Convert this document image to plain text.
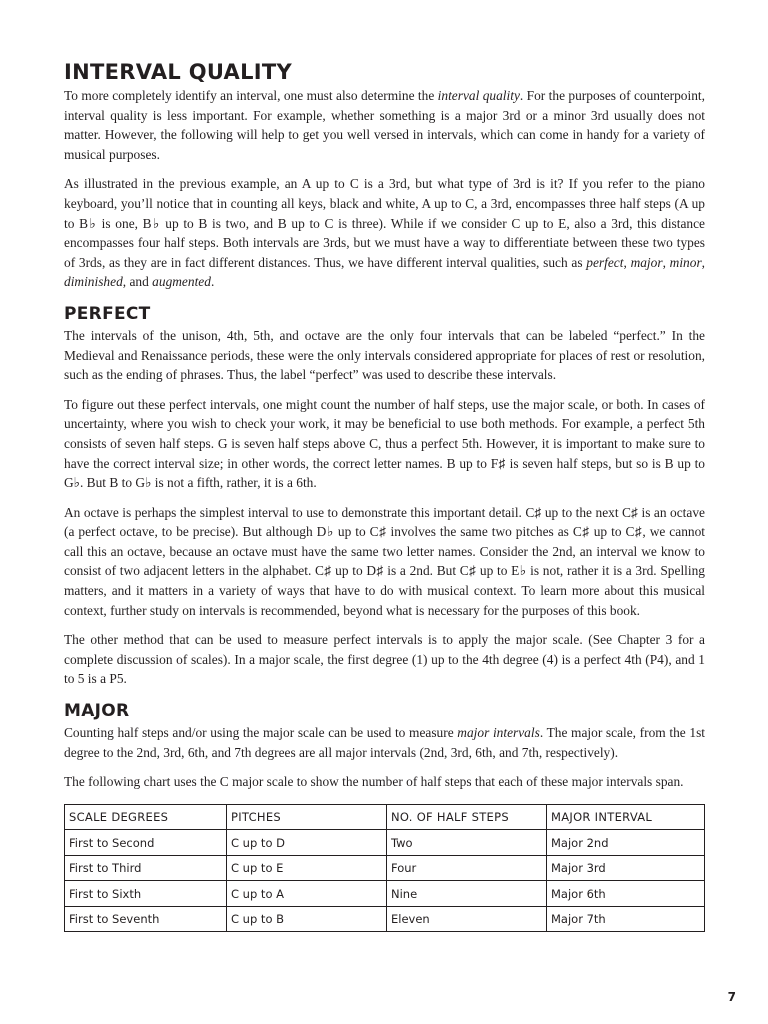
INTERVAL QUALITY

To more completely identify an interval, one must also determine the interval quality. For the purposes of counterpoint, interval quality is less important. For example, whether something is a major 3rd or a minor 3rd usually does not matter. However, the following will help to get you well versed in intervals, which can come in handy for a variety of musical purposes.

As illustrated in the previous example, an A up to C is a 3rd, but what type of 3rd is it? If you refer to the piano keyboard, you’ll notice that in counting all keys, black and white, A up to C, a 3rd, encompasses three half steps (A up to B♭ is one, B♭ up to B is two, and B up to C is three). While if we consider C up to E, also a 3rd, this distance encompasses four half steps. Both intervals are 3rds, but we must have a way to differentiate between these two types of 3rds, as they are in fact different distances. Thus, we have different interval qualities, such as perfect, major, minor, diminished, and augmented.

PERFECT

The intervals of the unison, 4th, 5th, and octave are the only four intervals that can be labeled “perfect.” In the Medieval and Renaissance periods, these were the only intervals considered appropriate for places of rest or resolution, such as the ending of phrases. Thus, the label “perfect” was used to describe these intervals.

To figure out these perfect intervals, one might count the number of half steps, use the major scale, or both. In cases of uncertainty, where you wish to check your work, it may be beneficial to use both methods. For example, a perfect 5th consists of seven half steps. G is seven half steps above C, thus a perfect 5th. However, it is important to make sure to have the correct interval size; in other words, the correct letter names. B up to F♯ is seven half steps, but so is B up to G♭. But B to G♭ is not a fifth, rather, it is a 6th.

An octave is perhaps the simplest interval to use to demonstrate this important detail. C♯ up to the next C♯ is an octave (a perfect octave, to be precise). But although D♭ up to C♯ involves the same two pitches as C♯ up to C♯, we cannot call this an octave, because an octave must have the same two letter names. Consider the 2nd, an interval we know to consist of two adjacent letters in the alphabet. C♯ up to D♯ is a 2nd. But C♯ up to E♭ is not, rather it is a 3rd. Spelling matters, and it matters in a variety of ways that have to do with musical context. To learn more about this musical context, further study on intervals is recommended, beyond what is necessary for the purposes of this book.

The other method that can be used to measure perfect intervals is to apply the major scale. (See Chapter 3 for a complete discussion of scales). In a major scale, the first degree (1) up to the 4th degree (4) is a perfect 4th (P4), and 1 to 5 is a P5.

MAJOR

Counting half steps and/or using the major scale can be used to measure major intervals. The major scale, from the 1st degree to the 2nd, 3rd, 6th, and 7th degrees are all major intervals (2nd, 3rd, 6th, and 7th, respectively).

The following chart uses the C major scale to show the number of half steps that each of these major intervals span.

SCALE DEGREES	PITCHES	NO. OF HALF STEPS	MAJOR INTERVAL
First to Second	C up to D	Two	Major 2nd
First to Third	C up to E	Four	Major 3rd
First to Sixth	C up to A	Nine	Major 6th
First to Seventh	C up to B	Eleven	Major 7th
7
